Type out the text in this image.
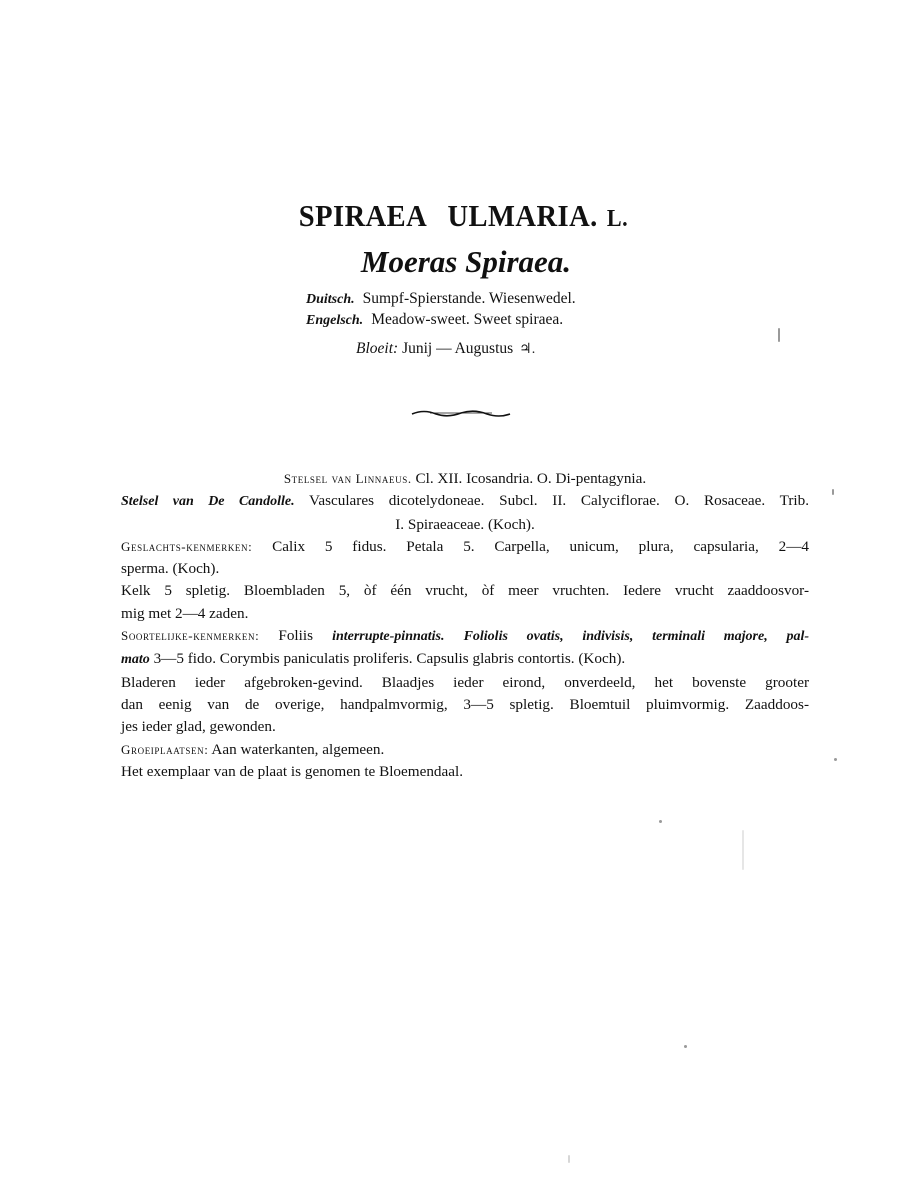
SPIRAEA ULMARIA. L.
Moeras Spiraea.
Duitsch. Sumpf-Spierstande. Wiesenwedel.
Engelsch. Meadow-sweet. Sweet spiraea.
Bloeit: Junij — Augustus ♃.
Stelsel van Linnaeus. Cl. XII. Icosandria. O. Di-pentagynia.
Stelsel van De Candolle. Vasculares dicotelydoneae. Subcl. II. Calyciflorae. O. Rosaceae. Trib.
I. Spiraeaceae. (Koch).
Geslachts-kenmerken: Calix 5 fidus. Petala 5. Carpella, unicum, plura, capsularia, 2—4
sperma. (Koch).
Kelk 5 spletig. Bloembladen 5, òf één vrucht, òf meer vruchten. Iedere vrucht zaaddoosvor-
mig met 2—4 zaden.
Soortelijke-kenmerken: Foliis interrupte-pinnatis. Foliolis ovatis, indivisis, terminali majore, pal-
mato 3—5 fido. Corymbis paniculatis proliferis. Capsulis glabris contortis. (Koch).
Bladeren ieder afgebroken-gevind. Blaadjes ieder eirond, onverdeeld, het bovenste grooter
dan eenig van de overige, handpalmvormig, 3—5 spletig. Bloemtuil pluimvormig. Zaaddoos-
jes ieder glad, gewonden.
Groeiplaatsen: Aan waterkanten, algemeen.
Het exemplaar van de plaat is genomen te Bloemendaal.
